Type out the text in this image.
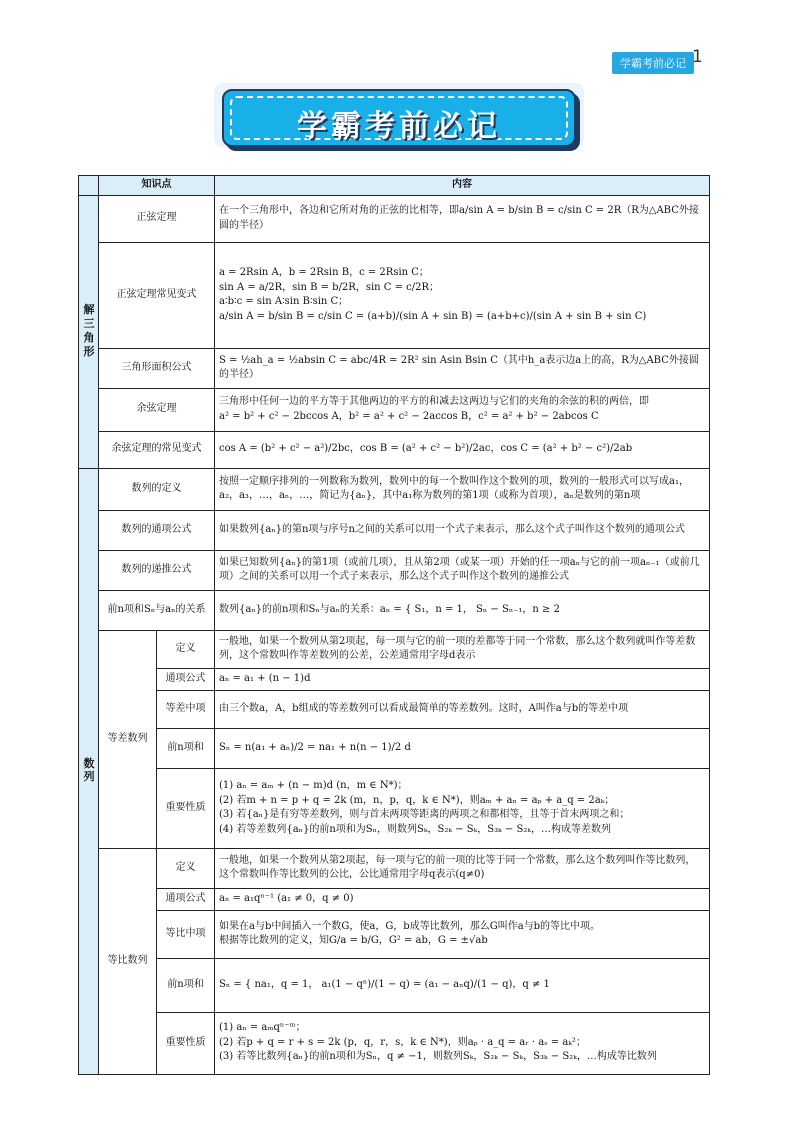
学霸考前必记 1
学霸考前必记
	知识点		内容
解三角形	正弦定理		在一个三角形中，各边和它所对角的正弦的比相等，即a/sin A = b/sin B = c/sin C = 2R（R为△ABC外接圆的半径）

	正弦定理常见变式		a = 2Rsin A，b = 2Rsin B，c = 2Rsin C；
sin A = a/2R，sin B = b/2R，sin C = c/2R；
a∶b∶c = sin A∶sin B∶sin C；
a/sin A = b/sin B = c/sin C = (a+b)/(sin A + sin B) = (a+b+c)/(sin A + sin B + sin C)

	三角形面积公式		S = ½ah_a = ½absin C = abc/4R = 2R² sin Asin Bsin C（其中h_a表示边a上的高，R为△ABC外接圆的半径）

	余弦定理		三角形中任何一边的平方等于其他两边的平方的和减去这两边与它们的夹角的余弦的积的两倍，即
a² = b² + c² − 2bccos A，b² = a² + c² − 2accos B，c² = a² + b² − 2abcos C

	余弦定理的常见变式		cos A = (b² + c² − a²)/2bc，cos B = (a² + c² − b²)/2ac，cos C = (a² + b² − c²)/2ab

数列	数列的定义		按照一定顺序排列的一列数称为数列，数列中的每一个数叫作这个数列的项，数列的一般形式可以写成a₁，a₂，a₃，…，aₙ，…，简记为{aₙ}，其中a₁称为数列的第1项（或称为首项），aₙ是数列的第n项

	数列的通项公式		如果数列{aₙ}的第n项与序号n之间的关系可以用一个式子来表示，那么这个式子叫作这个数列的通项公式

	数列的递推公式		如果已知数列{aₙ}的第1项（或前几项），且从第2项（或某一项）开始的任一项aₙ与它的前一项aₙ₋₁（或前几项）之间的关系可以用一个式子来表示，那么这个式子叫作这个数列的递推公式

	前n项和Sₙ与aₙ的关系		数列{aₙ}的前n项和Sₙ与aₙ的关系：aₙ = { S₁，n = 1， Sₙ − Sₙ₋₁，n ≥ 2

	等差数列	定义	一般地，如果一个数列从第2项起，每一项与它的前一项的差都等于同一个常数，那么这个数列就叫作等差数列，这个常数叫作等差数列的公差，公差通常用字母d表示

		通项公式	aₙ = a₁ + (n − 1)d

		等差中项	由三个数a，A，b组成的等差数列可以看成最简单的等差数列。这时，A叫作a与b的等差中项

		前n项和	Sₙ = n(a₁ + aₙ)/2 = na₁ + n(n − 1)/2 d

		重要性质	(1) aₙ = aₘ + (n − m)d (n，m ∈ N*)；
(2) 若m + n = p + q = 2k (m，n，p，q，k ∈ N*)，则aₘ + aₙ = aₚ + a_q = 2aₖ；
(3) 若{aₙ}是有穷等差数列，则与首末两项等距离的两项之和都相等，且等于首末两项之和；
(4) 若等差数列{aₙ}的前n项和为Sₙ，则数列Sₖ，S₂ₖ − Sₖ，S₃ₖ − S₂ₖ，…构成等差数列

	等比数列	定义	一般地，如果一个数列从第2项起，每一项与它的前一项的比等于同一个常数，那么这个数列叫作等比数列，这个常数叫作等比数列的公比，公比通常用字母q表示(q≠0)

		通项公式	aₙ = a₁qⁿ⁻¹ (a₁ ≠ 0，q ≠ 0)

		等比中项	如果在a与b中间插入一个数G，使a，G，b成等比数列，那么G叫作a与b的等比中项。
根据等比数列的定义，知G/a = b/G，G² = ab，G = ±√ab

		前n项和	Sₙ = { na₁，q = 1， a₁(1 − qⁿ)/(1 − q) = (a₁ − aₙq)/(1 − q)，q ≠ 1

		重要性质	(1) aₙ = aₘqⁿ⁻ᵐ；
(2) 若p + q = r + s = 2k (p，q，r，s，k ∈ N*)，则aₚ · a_q = aᵣ · aₛ = aₖ²；
(3) 若等比数列{aₙ}的前n项和为Sₙ，q ≠ −1，则数列Sₖ，S₂ₖ − Sₖ，S₃ₖ − S₂ₖ，…构成等比数列
